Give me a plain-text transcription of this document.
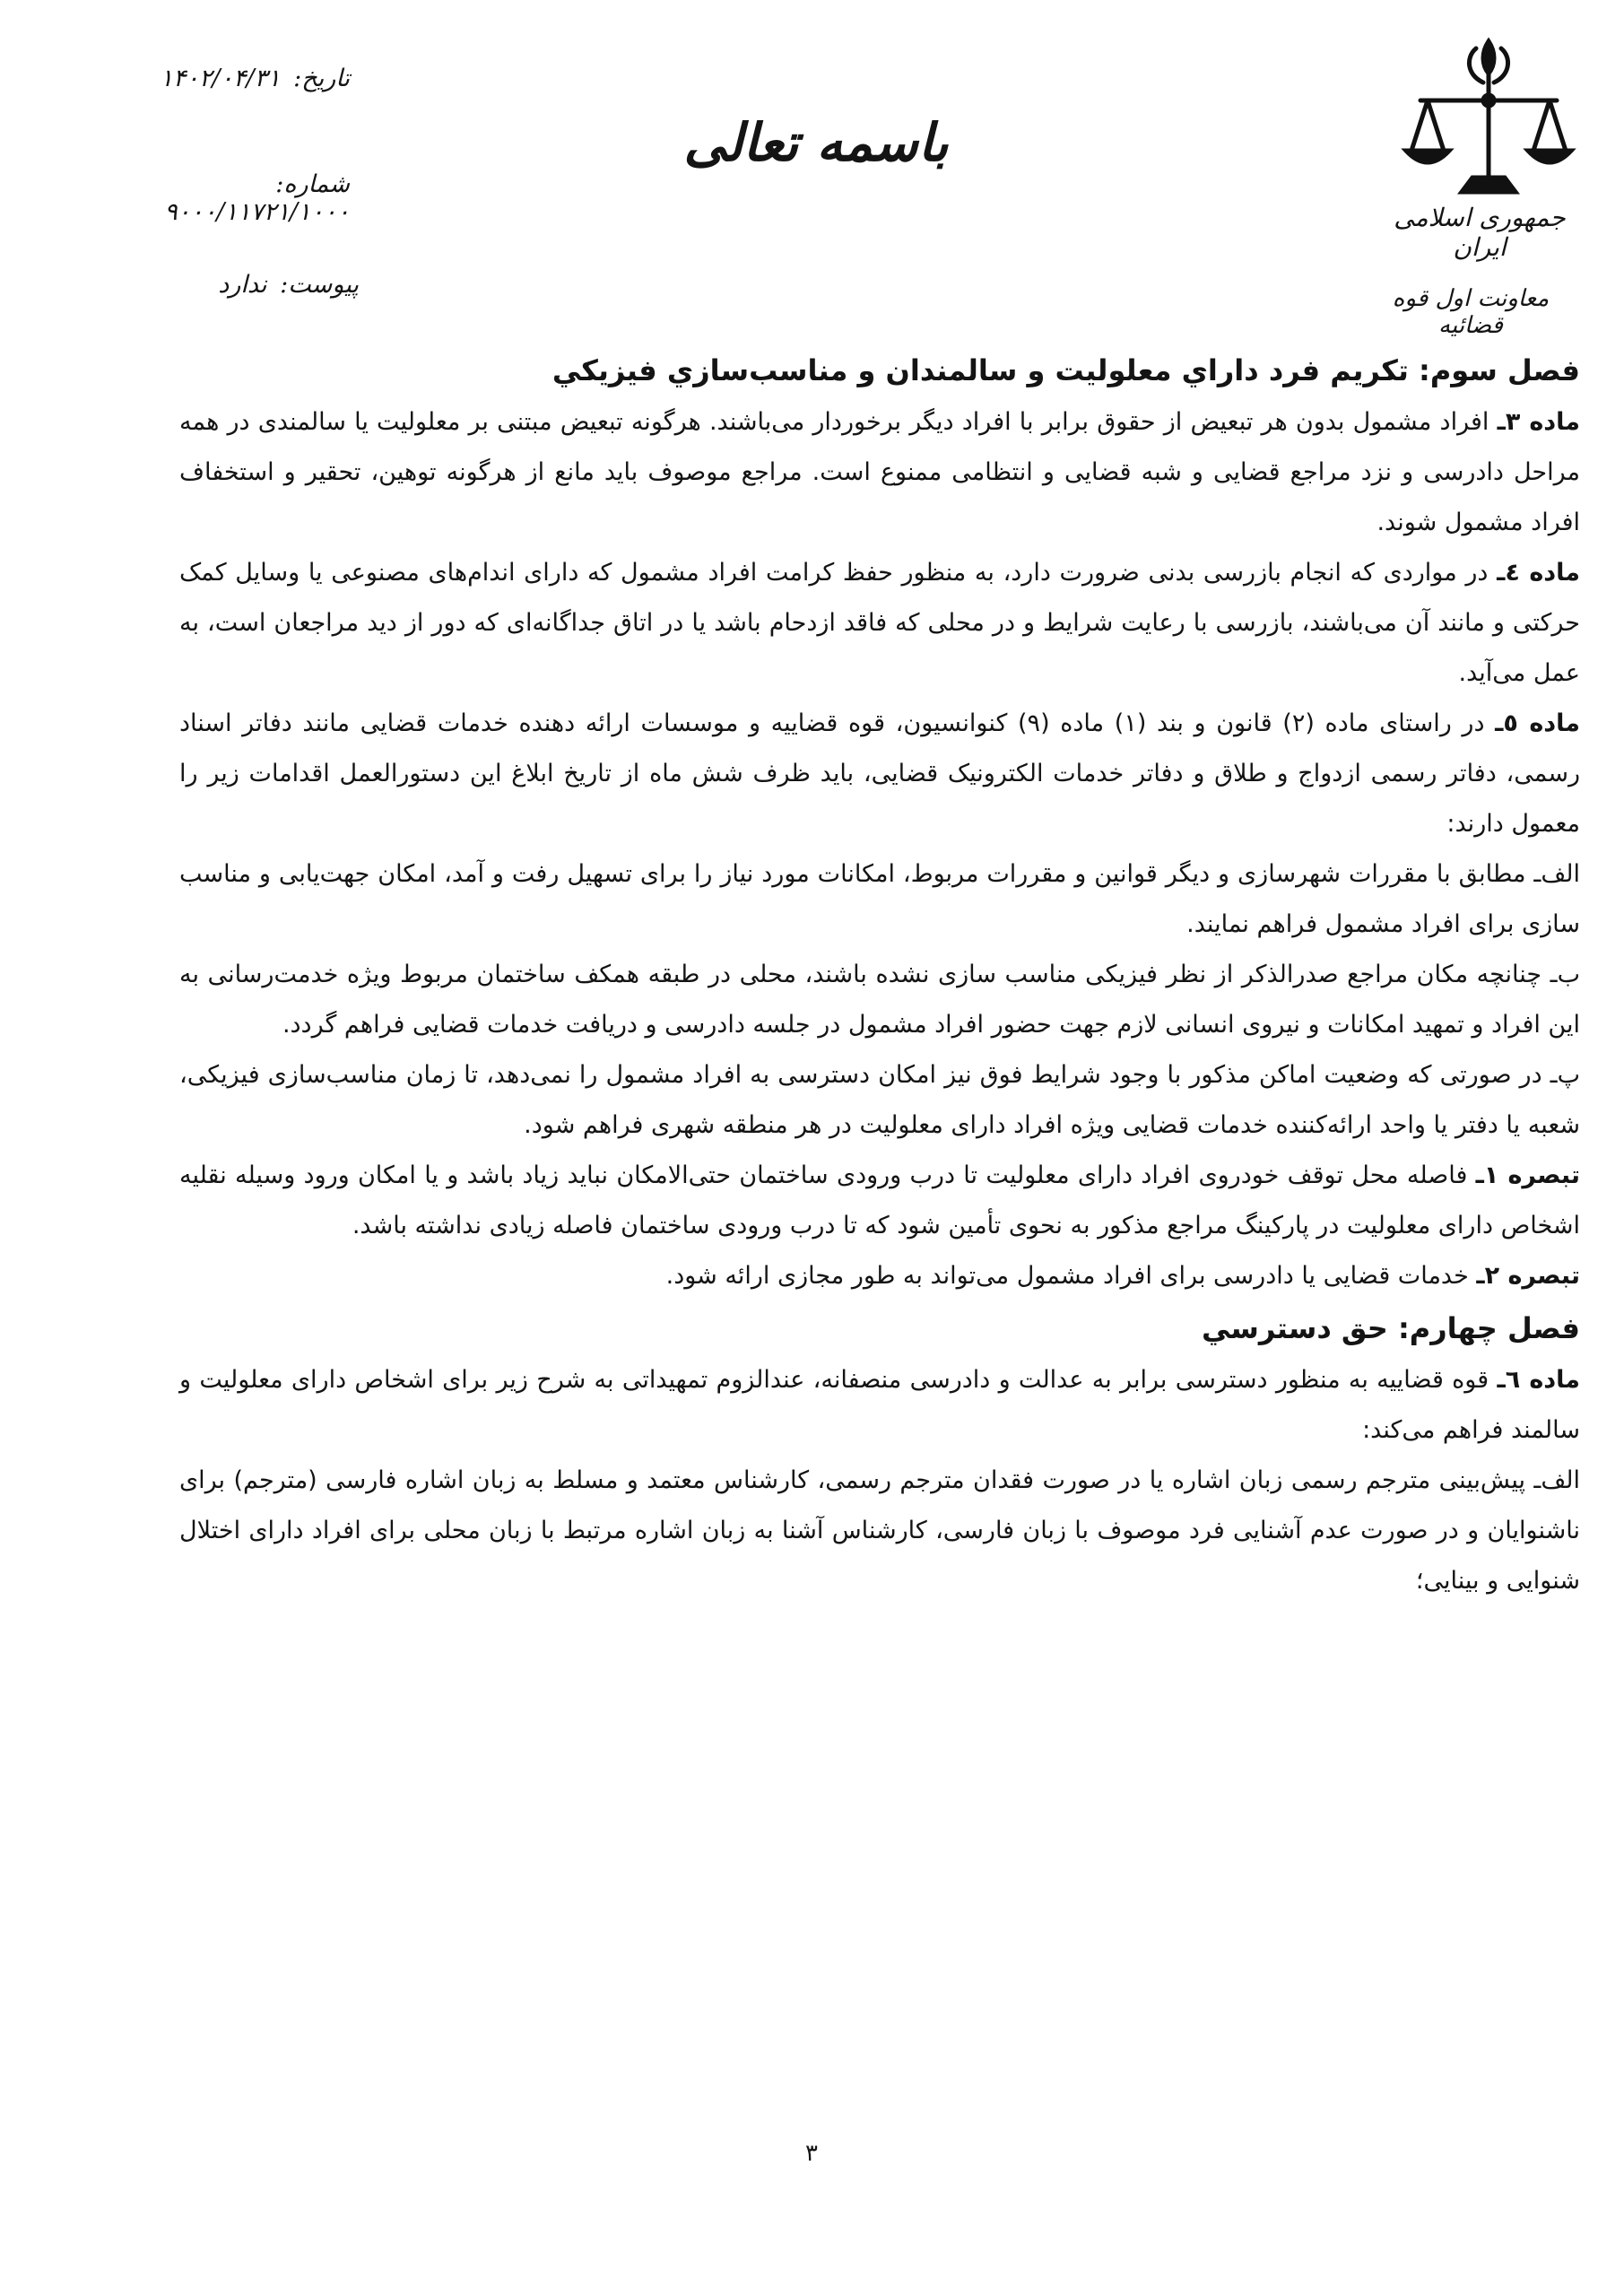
جمهوری اسلامی ایران
معاونت اول قوه قضائیه
باسمه تعالی
تاریخ: ۱۴۰۲/۰۴/۳۱
شماره: ۹۰۰۰/۱۱۷۲۱/۱۰۰۰
پیوست: ندارد

فصل سوم: تکریم فرد داراي معلولیت و سالمندان و مناسب‌سازي فیزیکي

ماده ۳ـ افراد مشمول بدون هر تبعیض از حقوق برابر با افراد دیگر برخوردار می‌باشند. هرگونه تبعیض مبتنی بر معلولیت یا سالمندی در همه مراحل دادرسی و نزد مراجع قضایی و شبه قضایی و انتظامی ممنوع است. مراجع موصوف باید مانع از هرگونه توهین، تحقیر و استخفاف افراد مشمول شوند.

ماده ٤ـ در مواردی که انجام بازرسی بدنی ضرورت دارد، به منظور حفظ کرامت افراد مشمول که دارای اندام‌های مصنوعی یا وسایل کمک حرکتی و مانند آن می‌باشند، بازرسی با رعایت شرایط و در محلی که فاقد ازدحام باشد یا در اتاق جداگانه‌ای که دور از دید مراجعان است، به عمل می‌آید.

ماده ٥ـ در راستای ماده (۲) قانون و بند (۱) ماده (۹) کنوانسیون، قوه قضاییه و موسسات ارائه دهنده خدمات قضایی مانند دفاتر اسناد رسمی، دفاتر رسمی ازدواج و طلاق و دفاتر خدمات الکترونیک قضایی، باید ظرف شش ماه از تاریخ ابلاغ این دستورالعمل اقدامات زیر را معمول دارند:

الف‌ـ مطابق با مقررات شهرسازی و دیگر قوانین و مقررات مربوط، امکانات مورد نیاز را برای تسهیل رفت و آمد، امکان جهت‌یابی و مناسب سازی برای افراد مشمول فراهم نمایند.

ب‌ـ چنانچه مکان مراجع صدرالذکر از نظر فیزیکی مناسب سازی نشده باشند، محلی در طبقه همکف ساختمان مربوط ویژه خدمت‌رسانی به این افراد و تمهید امکانات و نیروی انسانی لازم جهت حضور افراد مشمول در جلسه دادرسی و دریافت خدمات قضایی فراهم گردد.

پ‌ـ در صورتی که وضعیت اماکن مذکور با وجود شرایط فوق نیز امکان دسترسی به افراد مشمول را نمی‌دهد، تا زمان مناسب‌سازی فیزیکی، شعبه یا دفتر یا واحد ارائه‌کننده خدمات قضایی ویژه افراد دارای معلولیت در هر منطقه شهری فراهم شود.

تبصره ۱ـ فاصله محل توقف خودروی افراد دارای معلولیت تا درب ورودی ساختمان حتی‌الامکان نباید زیاد باشد و یا امکان ورود وسیله نقلیه اشخاص دارای معلولیت در پارکینگ مراجع مذکور به نحوی تأمین شود که تا درب ورودی ساختمان فاصله زیادی نداشته باشد.

تبصره ۲ـ خدمات قضایی یا دادرسی برای افراد مشمول می‌تواند به طور مجازی ارائه شود.

فصل چهارم: حق دسترسي

ماده ٦ـ قوه قضاییه به منظور دسترسی برابر به عدالت و دادرسی منصفانه، عندالزوم تمهیداتی به شرح زیر برای اشخاص دارای معلولیت و سالمند فراهم می‌کند:

الف‌ـ پیش‌بینی مترجم رسمی زبان اشاره یا در صورت فقدان مترجم رسمی، کارشناس معتمد و مسلط به زبان اشاره فارسی (مترجم) برای ناشنوایان و در صورت عدم آشنایی فرد موصوف با زبان فارسی، کارشناس آشنا به زبان اشاره مرتبط با زبان محلی برای افراد دارای اختلال شنوایی و بینایی؛

۳
